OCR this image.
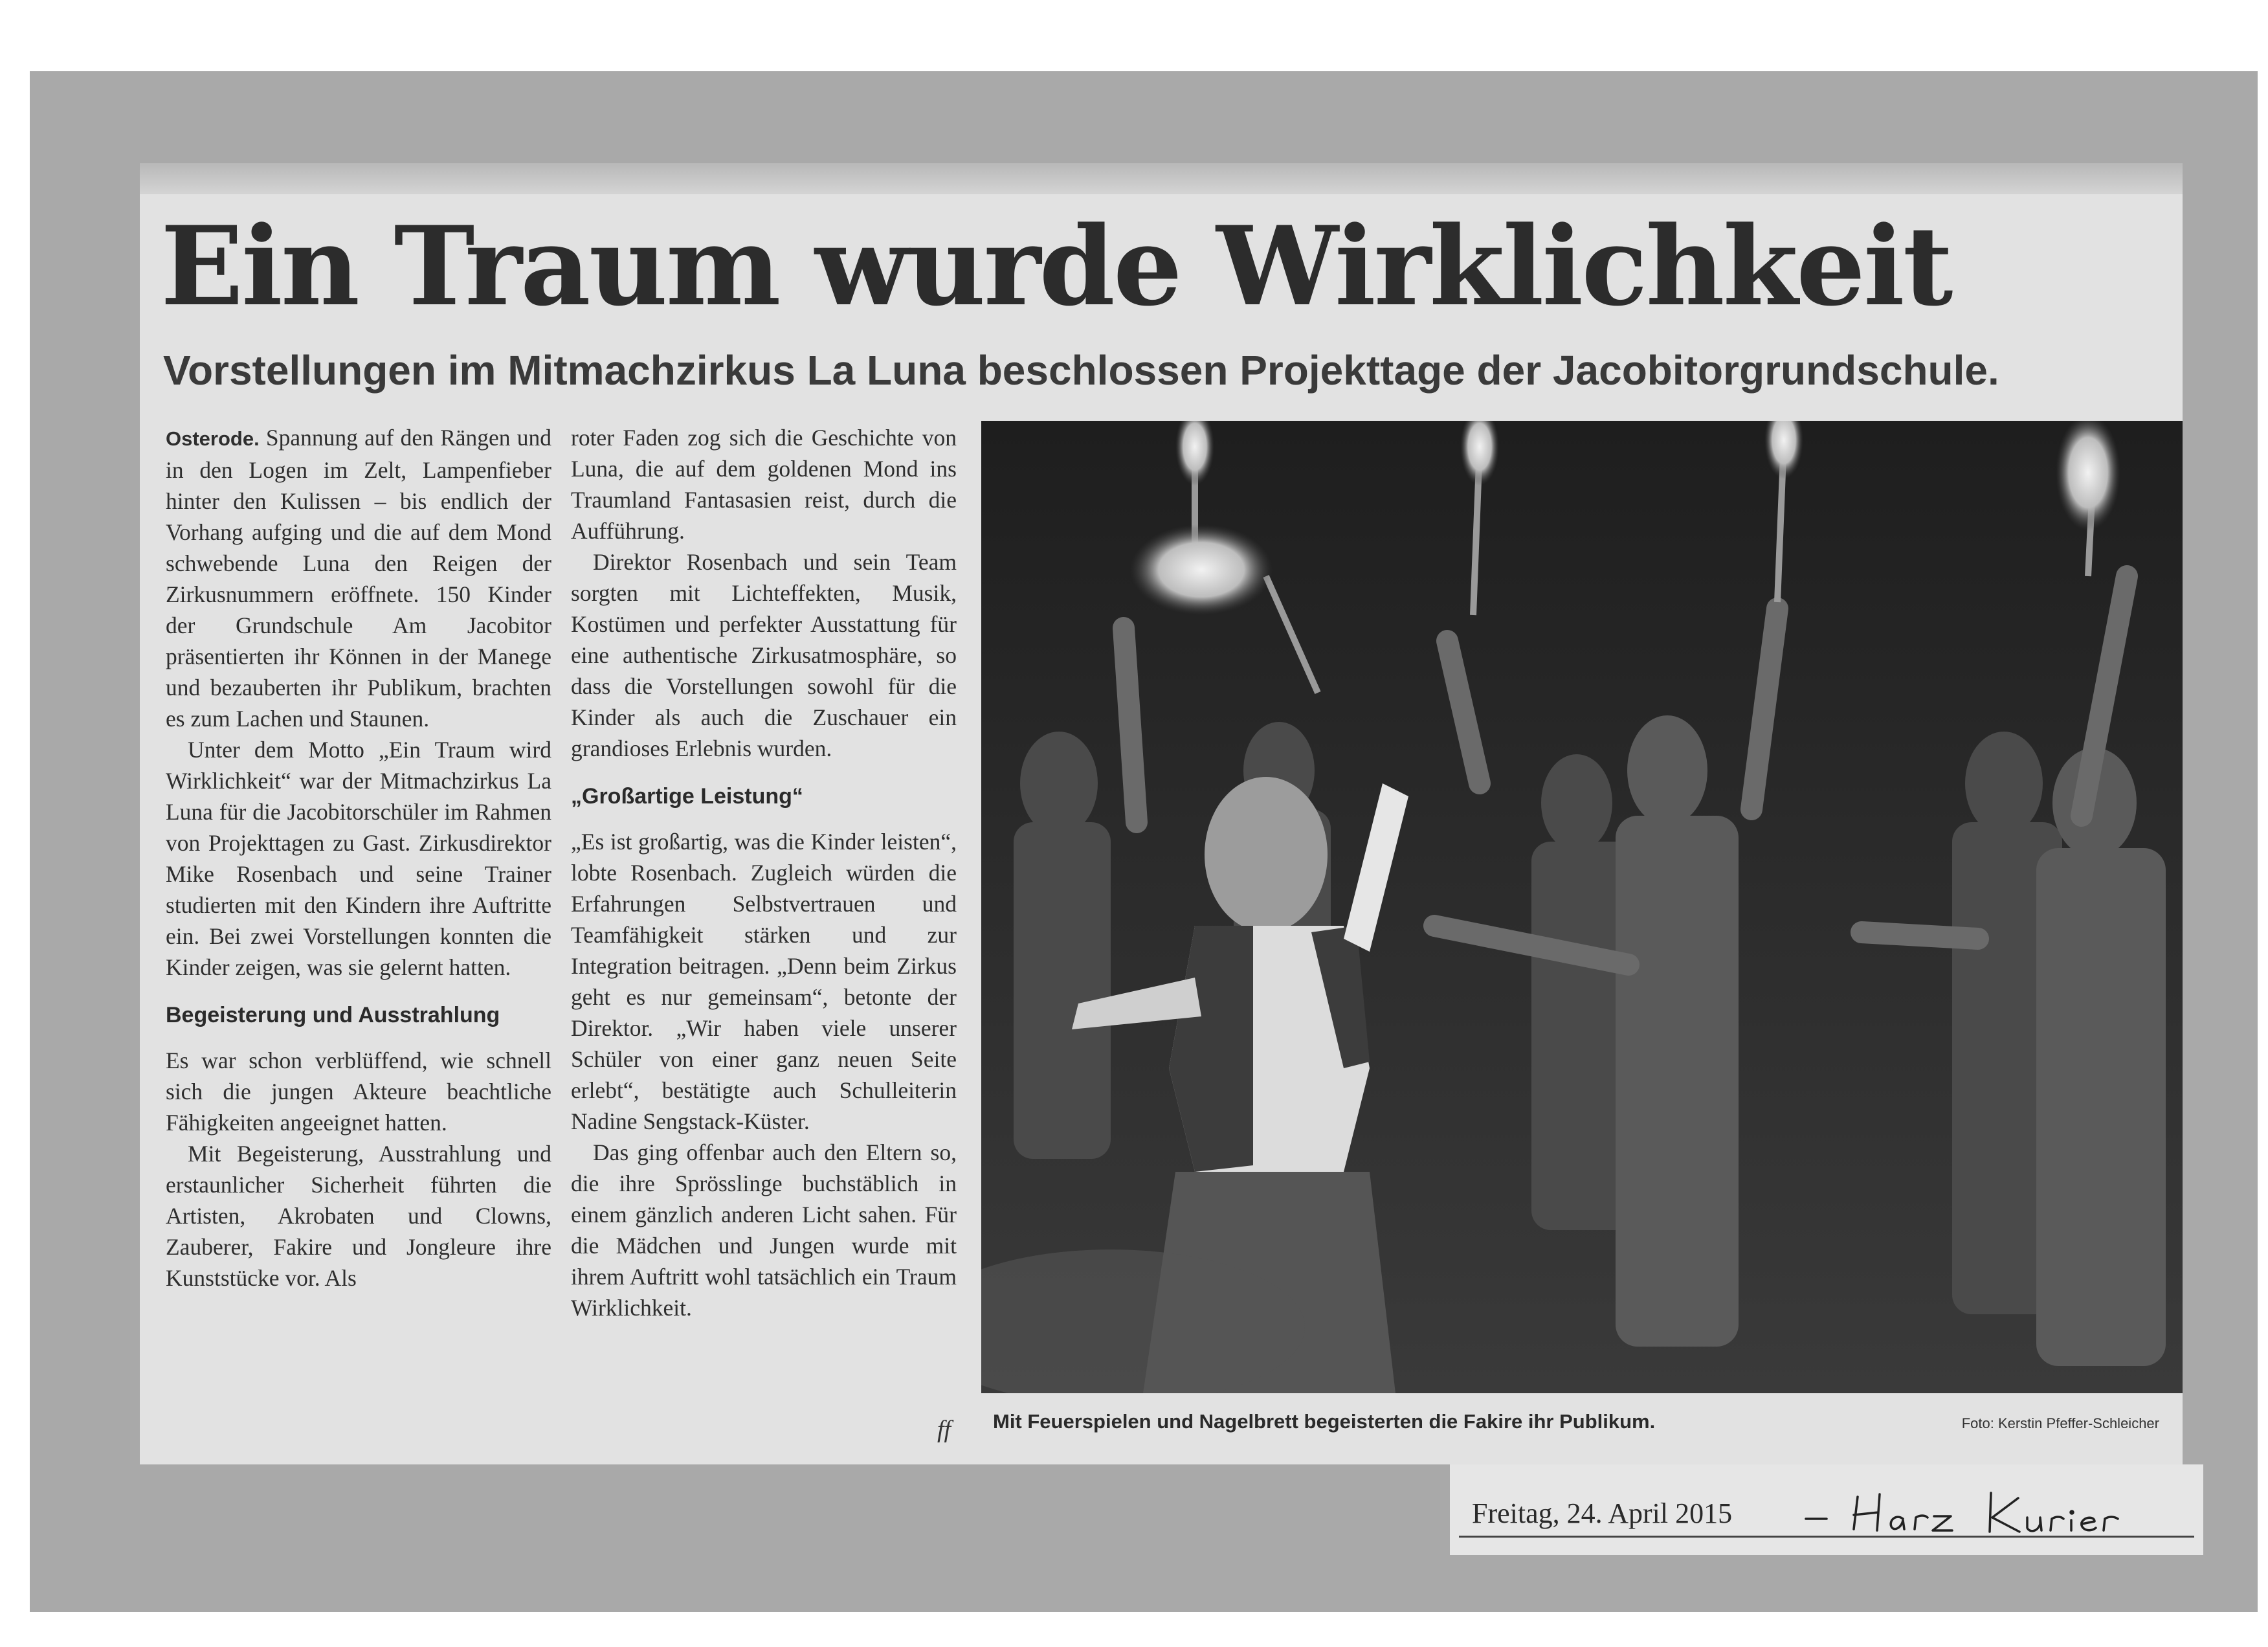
Ein Traum wurde Wirklichkeit
Vorstellungen im Mitmachzirkus La Luna beschlossen Projekttage der Jacobitorgrundschule.

Osterode. Spannung auf den Rängen und in den Logen im Zelt, Lampenfieber hinter den Kulissen – bis endlich der Vorhang aufging und die auf dem Mond schwebende Luna den Reigen der Zirkusnummern eröffnete. 150 Kinder der Grundschule Am Jacobitor präsentierten ihr Können in der Manege und bezauberten ihr Publikum, brachten es zum Lachen und Staunen.

Unter dem Motto „Ein Traum wird Wirklichkeit“ war der Mitmachzirkus La Luna für die Jacobitorschüler im Rahmen von Projekttagen zu Gast. Zirkusdirektor Mike Rosenbach und seine Trainer studierten mit den Kindern ihre Auftritte ein. Bei zwei Vorstellungen konnten die Kinder zeigen, was sie gelernt hatten.

Begeisterung und Ausstrahlung

Es war schon verblüffend, wie schnell sich die jungen Akteure beachtliche Fähigkeiten angeeignet hatten.

Mit Begeisterung, Ausstrahlung und erstaunlicher Sicherheit führten die Artisten, Akrobaten und Clowns, Zauberer, Fakire und Jongleure ihre Kunststücke vor. Als

roter Faden zog sich die Geschichte von Luna, die auf dem goldenen Mond ins Traumland Fantasasien reist, durch die Aufführung.

Direktor Rosenbach und sein Team sorgten mit Lichteffekten, Musik, Kostümen und perfekter Ausstattung für eine authentische Zirkusatmosphäre, so dass die Vorstellungen sowohl für die Kinder als auch die Zuschauer ein grandioses Erlebnis wurden.

„Großartige Leistung“

„Es ist großartig, was die Kinder leisten“, lobte Rosenbach. Zugleich würden die Erfahrungen Selbstvertrauen und Teamfähigkeit stärken und zur Integration beitragen. „Denn beim Zirkus geht es nur gemeinsam“, betonte der Direktor. „Wir haben viele unserer Schüler von einer ganz neuen Seite erlebt“, bestätigte auch Schulleiterin Nadine Sengstack-Küster.

Das ging offenbar auch den Eltern so, die ihre Sprösslinge buchstäblich in einem gänzlich anderen Licht sahen. Für die Mädchen und Jungen wurde mit ihrem Auftritt wohl tatsächlich ein Traum Wirklichkeit.

ff Mit Feuerspielen und Nagelbrett begeisterten die Fakire ihr Publikum.	Foto: Kerstin Pfeffer-Schleicher
Freitag, 24. April 2015
